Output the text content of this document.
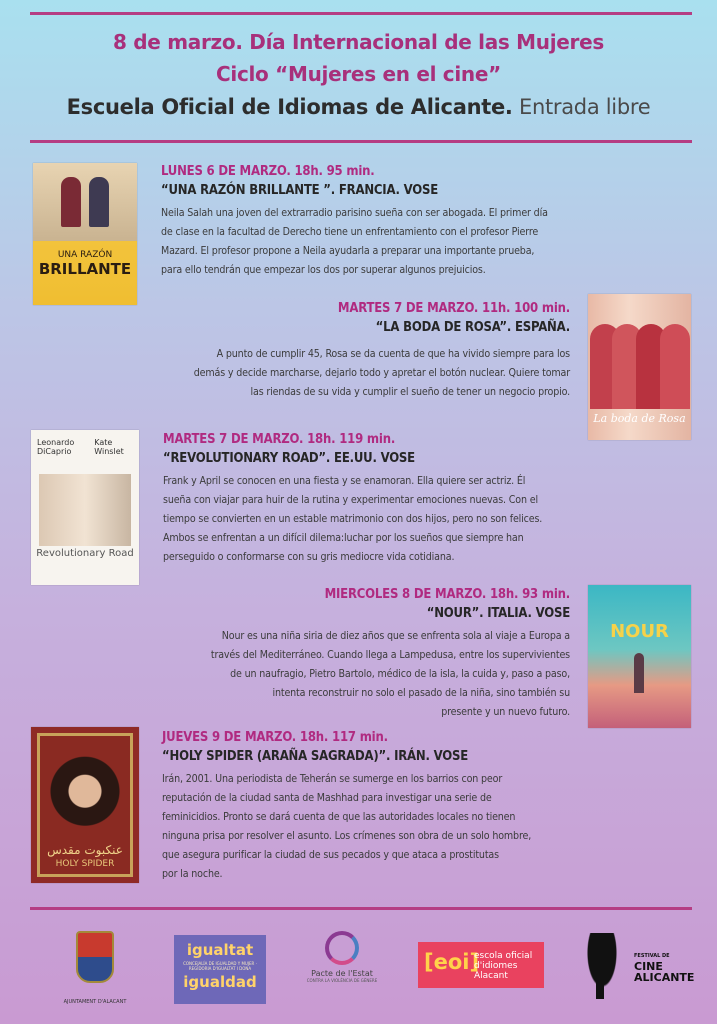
8 de marzo. Día Internacional de las Mujeres
Ciclo “Mujeres en el cine”
Escuela Oficial de Idiomas de Alicante. Entrada libre
UNA RAZÓN
BRILLANTE
LUNES 6 DE MARZO. 18h. 95 min.
“UNA RAZÓN BRILLANTE ”. FRANCIA. VOSE
Neila Salah una joven del extrarradio parisino sueña con ser abogada. El primer día
de clase en la facultad de Derecho tiene un enfrentamiento con el profesor Pierre
Mazard. El profesor propone a Neila ayudarla a preparar una importante prueba,
para ello tendrán que empezar los dos por superar algunos prejuicios.
MARTES 7 DE MARZO. 11h. 100 min.
“LA BODA DE ROSA”. ESPAÑA.
A punto de cumplir 45, Rosa se da cuenta de que ha vivido siempre para los
demás y decide marcharse, dejarlo todo y apretar el botón nuclear. Quiere tomar
las riendas de su vida y cumplir el sueño de tener un negocio propio.
La boda de Rosa
Leonardo DiCaprio
Kate Winslet
Revolutionary Road
MARTES 7 DE MARZO. 18h. 119 min.
“REVOLUTIONARY ROAD”. EE.UU. VOSE
Frank y April se conocen en una fiesta y se enamoran. Ella quiere ser actriz. Él
sueña con viajar para huir de la rutina y experimentar emociones nuevas. Con el
tiempo se convierten en un estable matrimonio con dos hijos, pero no son felices.
Ambos se enfrentan a un difícil dilema:luchar por los sueños que siempre han
perseguido o conformarse con su gris mediocre vida cotidiana.
MIERCOLES 8 DE MARZO. 18h. 93 min.
“NOUR”. ITALIA. VOSE
Nour es una niña siria de diez años que se enfrenta sola al viaje a Europa a
través del Mediterráneo. Cuando llega a Lampedusa, entre los supervivientes
de un naufragio, Pietro Bartolo, médico de la isla, la cuida y, paso a paso,
intenta reconstruir no solo el pasado de la niña, sino también su
presente y un nuevo futuro.
NOUR
عنكبوت مقدس
HOLY SPIDER
JUEVES 9 DE MARZO. 18h. 117 min.
“HOLY SPIDER (ARAÑA SAGRADA)”. IRÁN. VOSE
Irán, 2001. Una periodista de Teherán se sumerge en los barrios con peor
reputación de la ciudad santa de Mashhad para investigar una serie de
feminicidios. Pronto se dará cuenta de que las autoridades locales no tienen
ninguna prisa por resolver el asunto. Los crímenes son obra de un solo hombre,
que asegura purificar la ciudad de sus pecados y que ataca a prostitutas
por la noche.
AJUNTAMENT D'ALACANT
igualtat
CONCEJALÍA DE IGUALDAD Y MUJER · REGIDORIA D'IGUALTAT I DONA
igualdad	Pacte de l'Estat
CONTRA LA VIOLÈNCIA DE GÈNERE
[eoi]
escola oficial
d'idiomes
Alacant
FESTIVAL DE
CINE
ALICANTE
